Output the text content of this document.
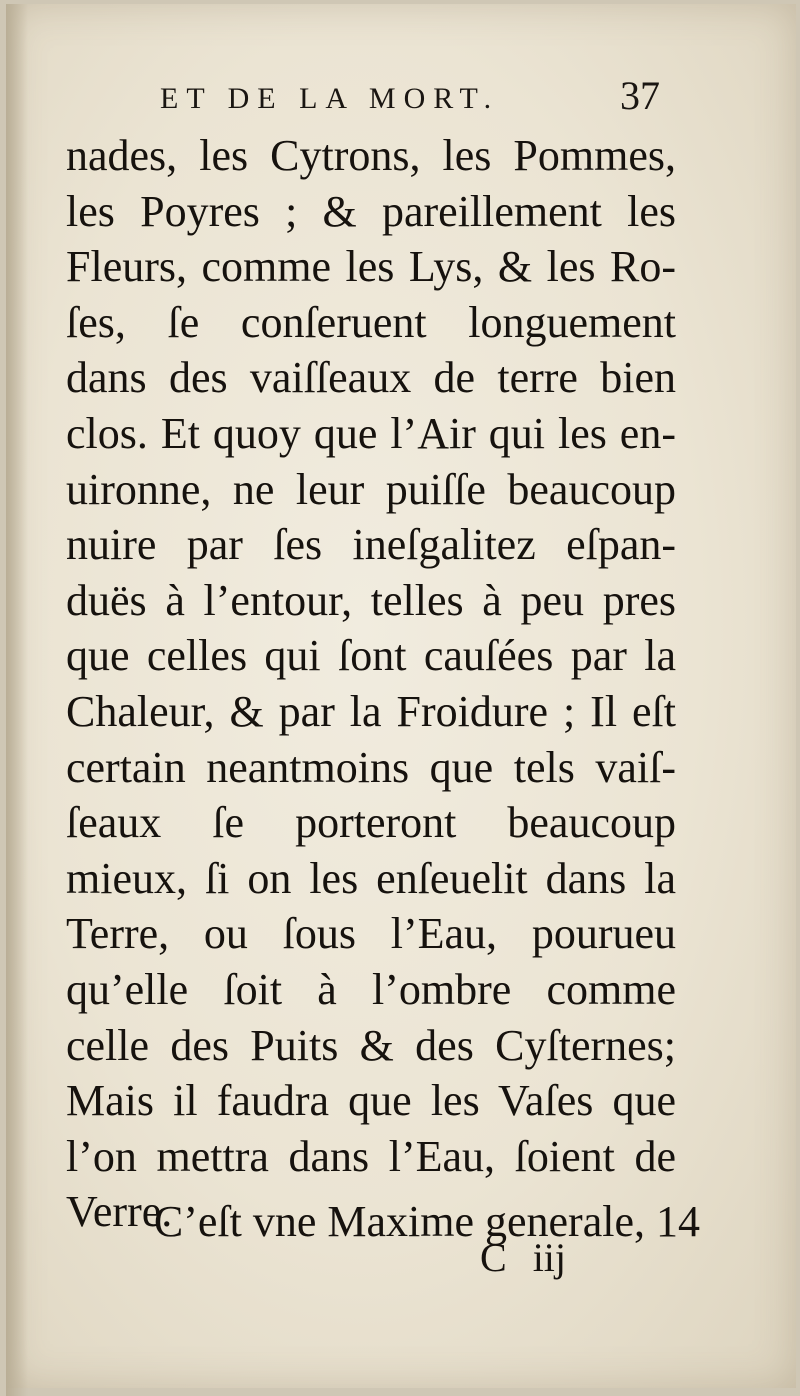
ET DE LA MORT.	37
nades, les Cytrons, les Pommes,
les Poyres ; & pareillement les
Fleurs, comme les Lys, & les Ro-
ſes, ſe conſeruent longuement
dans des vaiſſeaux de terre bien
clos. Et quoy que l’Air qui les en-
uironne, ne leur puiſſe beaucoup
nuire par ſes ineſgalitez eſpan-
duës à l’entour, telles à peu pres
que celles qui ſont cauſées par la
Chaleur, & par la Froidure ; Il eſt
certain neantmoins que tels vaiſ-
ſeaux ſe porteront beaucoup
mieux, ſi on les enſeuelit dans la
Terre, ou ſous l’Eau, pourueu
qu’elle ſoit à l’ombre comme
celle des Puits & des Cyſternes;
Mais il faudra que les Vaſes que
l’on mettra dans l’Eau, ſoient de
Verre.
C’eſt vne Maxime generale, 14
C iij
